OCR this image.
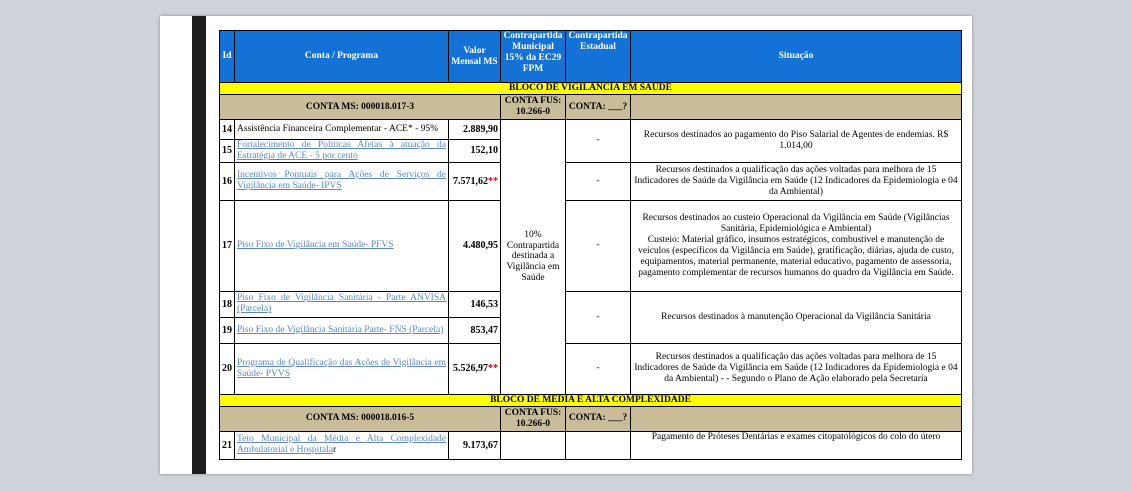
Id	Conta / Programa	Valor Mensal MS	Contrapartida Municipal 15% da EC29 FPM	Contrapartida Estadual	Situação
BLOCO DE VIGILÂNCIA EM SAÚDE					
CONTA MS: 000018.017-3			CONTA FUS: 10.266-0	CONTA: ___?	
14	Assistência Financeira Complementar - ACE* - 95%	2.889,90	10% Contrapartida destinada a Vigilância em Saúde	-	Recursos destinados ao pagamento do Piso Salarial de Agentes de endemias. R$ 1.014,00
15	Fortalecimento de Políticas Afetas à atuação da Estratégia de ACE - 5 por cento	152,10			
16	Incentivos Pontuais para Ações de Serviços de Vigilância em Saúde- IPVS	7.571,62**		-	Recursos destinados a qualificação das ações voltadas para melhora de 15 Indicadores de Saúde da Vigilância em Saúde (12 Indicadores da Epidemiologia e 04 da Ambiental)
17	Piso Fixo de Vigilância em Saúde- PFVS	4.480,95		-	Recursos destinados ao custeio Operacional da Vigilância em Saúde (Vigilâncias Sanitária, Epidemiológica e Ambiental)
Custeio: Material gráfico, insumos estratégicos, combustível e manutenção de veículos (específicos da Vigilância em Saúde), gratificação, diárias, ajuda de custo, equipamentos, material permanente, material educativo, pagamento de assessoria, pagamento complementar de recursos humanos do quadro da Vigilância em Saúde.

18	Piso Fixo de Vigilância Sanitária - Parte ANVISA (Parcela)	146,53		-	Recursos destinados à manutenção Operacional da Vigilância Sanitária
19	Piso Fixo de Vigilância Sanitária Parte- FNS (Parcela)	853,47			
20	Programa de Qualificação das Ações de Vigilância em Saúde- PVVS	5.526,97**		-	Recursos destinados a qualificação das ações voltadas para melhora de 15 Indicadores de Saúde da Vigilância em Saúde (12 Indicadores da Epidemiologia e 04 da Ambiental) - - Segundo o Plano de Ação elaborado pela Secretaria
BLOCO DE MÉDIA E ALTA COMPLEXIDADE					
CONTA MS: 000018.016-5			CONTA FUS: 10.266-0	CONTA: ___?	
21	Teto Municipal da Média e Alta Complexidade Ambulatorial e Hospitalar	9.173,67			Pagamento de Próteses Dentárias e exames citopatológicos do colo do útero
